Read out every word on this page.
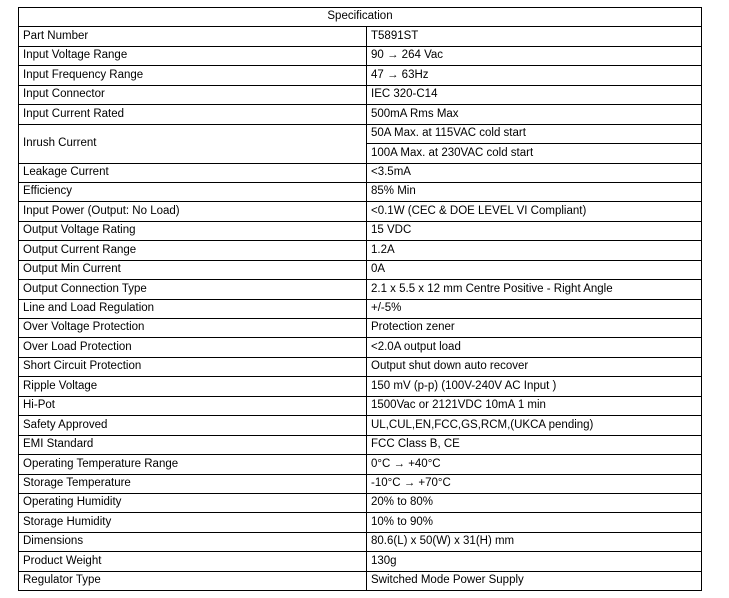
Specification	
Part Number	T5891ST
Input Voltage Range	90 → 264 Vac
Input Frequency Range	47 → 63Hz
Input Connector	IEC 320-C14
Input Current Rated	500mA Rms Max
Inrush Current	50A Max. at 115VAC cold start
	100A Max. at 230VAC cold start
Leakage Current	<3.5mA
Efficiency	85% Min
Input Power (Output: No Load)	<0.1W (CEC & DOE LEVEL VI Compliant)
Output Voltage Rating	15 VDC
Output Current Range	1.2A
Output Min Current	0A
Output Connection Type	2.1 x 5.5 x 12 mm Centre Positive - Right Angle
Line and Load Regulation	+/-5%
Over Voltage Protection	Protection zener
Over Load Protection	<2.0A output load
Short Circuit Protection	Output shut down auto recover
Ripple Voltage	150 mV (p-p) (100V-240V AC Input )
Hi-Pot	1500Vac or 2121VDC 10mA 1 min
Safety Approved	UL,CUL,EN,FCC,GS,RCM,(UKCA pending)
EMI Standard	FCC Class B, CE
Operating Temperature Range	0°C → +40°C
Storage Temperature	-10°C → +70°C
Operating Humidity	20% to 80%
Storage Humidity	10% to 90%
Dimensions	80.6(L) x 50(W) x 31(H) mm
Product Weight	130g
Regulator Type	Switched Mode Power Supply
